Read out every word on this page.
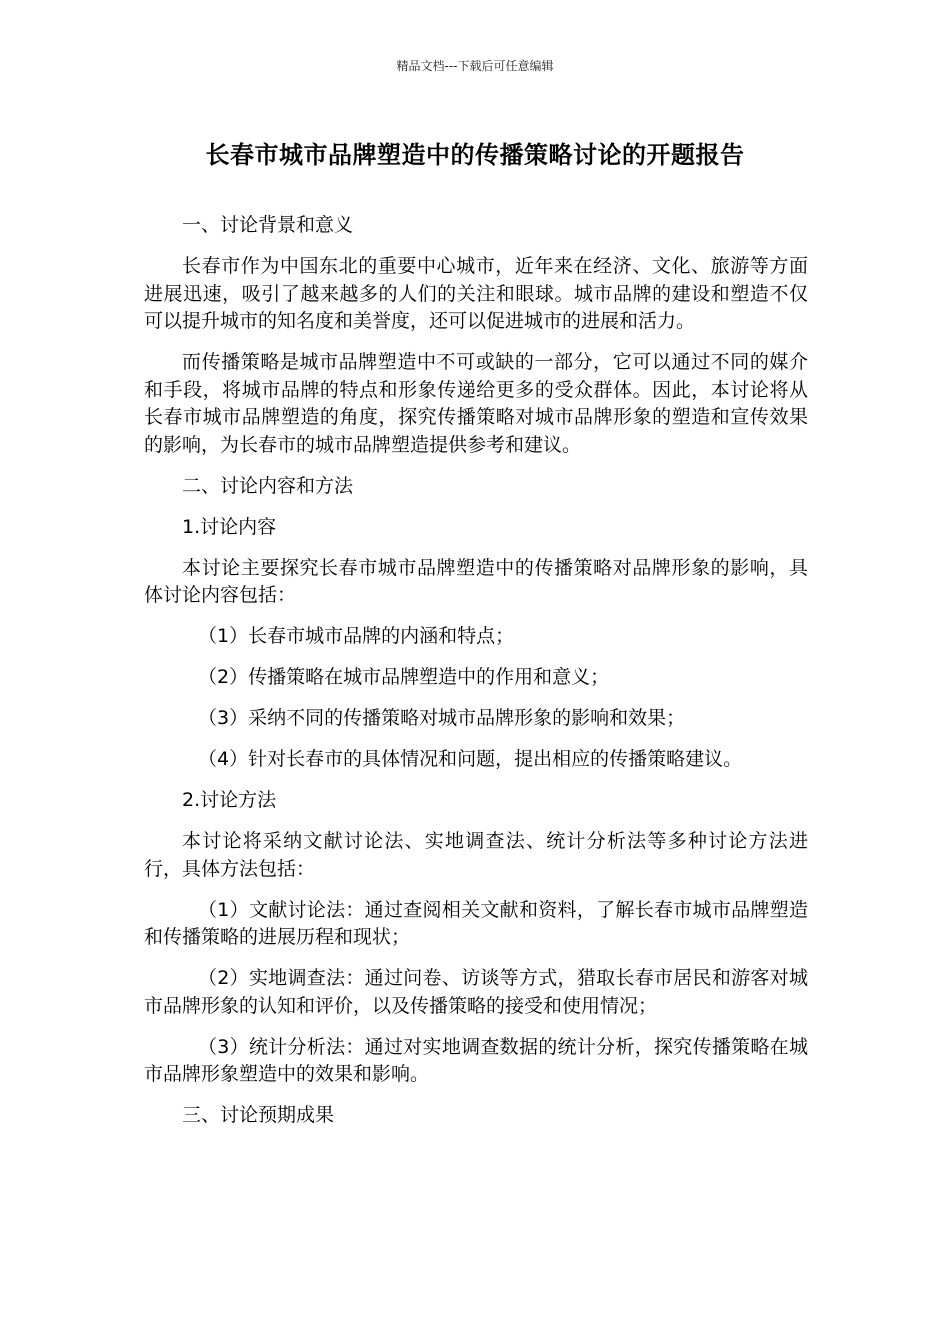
精品文档---下载后可任意编辑
长春市城市品牌塑造中的传播策略讨论的开题报告

一、讨论背景和意义

长春市作为中国东北的重要中心城市，近年来在经济、文化、旅游等方面进展迅速，吸引了越来越多的人们的关注和眼球。城市品牌的建设和塑造不仅可以提升城市的知名度和美誉度，还可以促进城市的进展和活力。

而传播策略是城市品牌塑造中不可或缺的一部分，它可以通过不同的媒介和手段，将城市品牌的特点和形象传递给更多的受众群体。因此，本讨论将从长春市城市品牌塑造的角度，探究传播策略对城市品牌形象的塑造和宣传效果的影响，为长春市的城市品牌塑造提供参考和建议。

二、讨论内容和方法

1.讨论内容

本讨论主要探究长春市城市品牌塑造中的传播策略对品牌形象的影响，具体讨论内容包括：

（1）长春市城市品牌的内涵和特点；

（2）传播策略在城市品牌塑造中的作用和意义；

（3）采纳不同的传播策略对城市品牌形象的影响和效果；

（4）针对长春市的具体情况和问题，提出相应的传播策略建议。

2.讨论方法

本讨论将采纳文献讨论法、实地调查法、统计分析法等多种讨论方法进行，具体方法包括：

（1）文献讨论法：通过查阅相关文献和资料，了解长春市城市品牌塑造和传播策略的进展历程和现状；

（2）实地调查法：通过问卷、访谈等方式，猎取长春市居民和游客对城市品牌形象的认知和评价，以及传播策略的接受和使用情况；

（3）统计分析法：通过对实地调查数据的统计分析，探究传播策略在城市品牌形象塑造中的效果和影响。

三、讨论预期成果
